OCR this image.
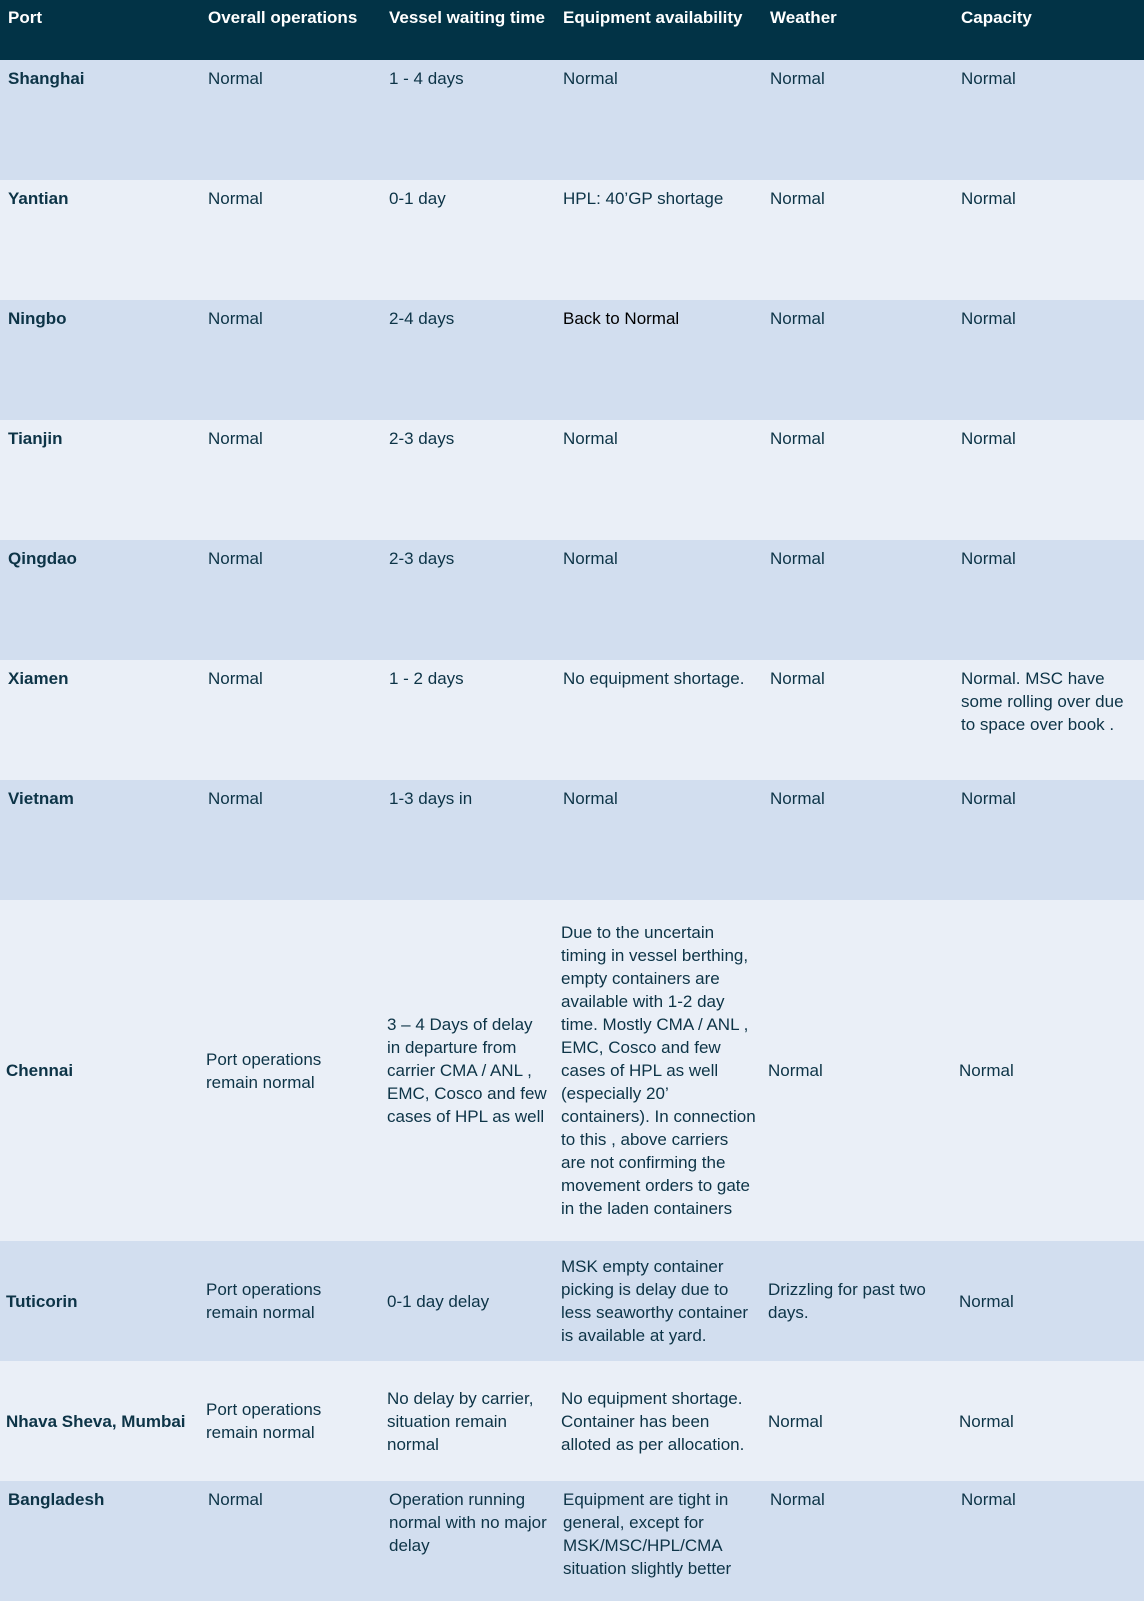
Port	Overall operations	Vessel waiting time	Equipment availability	Weather	Capacity
Shanghai	Normal	1 - 4 days	Normal	Normal	Normal
Yantian	Normal	0-1 day	HPL: 40’GP shortage	Normal	Normal
Ningbo	Normal	2-4 days	Back to Normal	Normal	Normal
Tianjin	Normal	2-3 days	Normal	Normal	Normal
Qingdao	Normal	2-3 days	Normal	Normal	Normal
Xiamen	Normal	1 - 2 days	No equipment shortage.	Normal	Normal. MSC have some rolling over due to space over book .
Vietnam	Normal	1-3 days in	Normal	Normal	Normal
Chennai	Port operations remain normal	3 – 4 Days of delay in departure from carrier CMA / ANL , EMC, Cosco and few cases of HPL as well	Due to the uncertain timing in vessel berthing, empty containers are available with 1-2 day time. Mostly CMA / ANL , EMC, Cosco and few cases of HPL as well (especially 20’ containers). In connection to this , above carriers are not confirming the movement orders to gate in the laden containers	Normal	Normal
Tuticorin	Port operations remain normal	0-1 day delay	MSK empty container picking is delay due to less seaworthy container is available at yard.	Drizzling for past two days.	Normal
Nhava Sheva, Mumbai	Port operations remain normal	No delay by carrier, situation remain normal	No equipment shortage. Container has been alloted as per allocation.	Normal	Normal
Bangladesh	Normal	Operation running normal with no major delay	Equipment are tight in general, except for MSK/MSC/HPL/CMA situation slightly better	Normal	Normal
